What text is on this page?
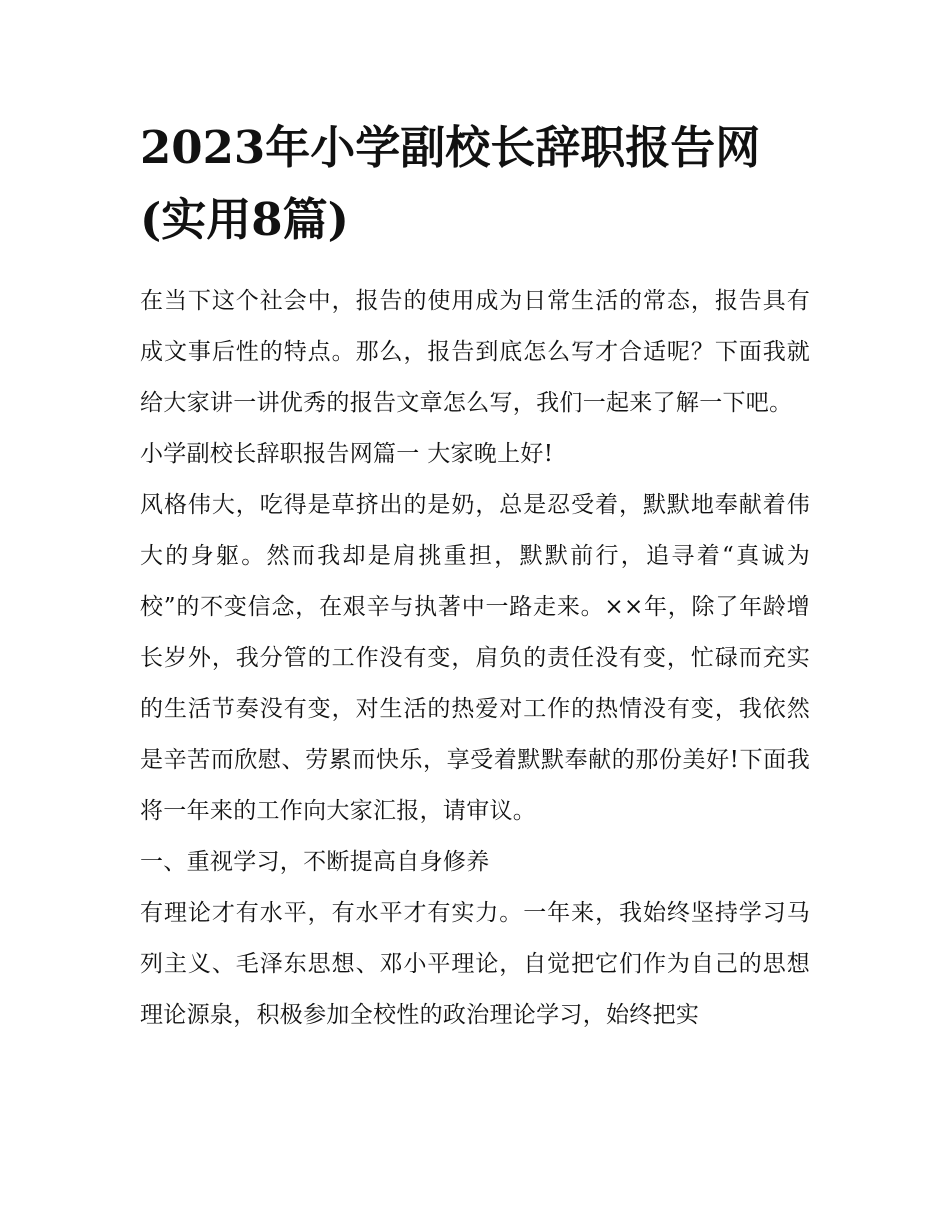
2023年小学副校长辞职报告网(实用8篇)

在当下这个社会中，报告的使用成为日常生活的常态，报告具有成文事后性的特点。那么，报告到底怎么写才合适呢？下面我就给大家讲一讲优秀的报告文章怎么写，我们一起来了解一下吧。

小学副校长辞职报告网篇一 大家晚上好!

风格伟大，吃得是草挤出的是奶，总是忍受着，默默地奉献着伟大的身躯。然而我却是肩挑重担，默默前行，追寻着“真诚为校”的不变信念，在艰辛与执著中一路走来。××年，除了年龄增长岁外，我分管的工作没有变，肩负的责任没有变，忙碌而充实的生活节奏没有变，对生活的热爱对工作的热情没有变，我依然是辛苦而欣慰、劳累而快乐，享受着默默奉献的那份美好!下面我将一年来的工作向大家汇报，请审议。

一、重视学习，不断提高自身修养

有理论才有水平，有水平才有实力。一年来，我始终坚持学习马列主义、毛泽东思想、邓小平理论，自觉把它们作为自己的思想理论源泉，积极参加全校性的政治理论学习，始终把实
